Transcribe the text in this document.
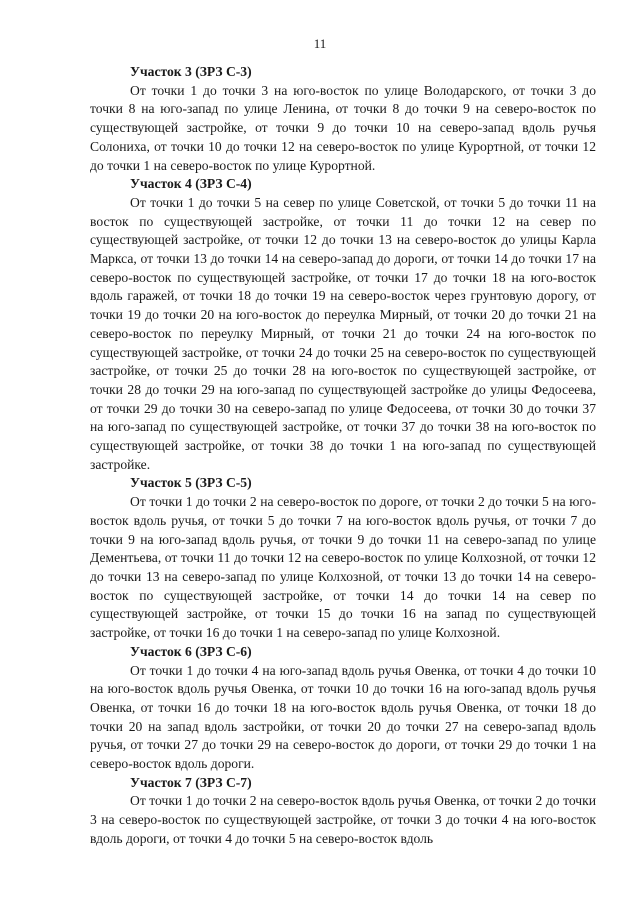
11

Участок 3 (ЗРЗ С-3)

От точки 1 до точки 3 на юго-восток по улице Володарского, от точки 3 до точки 8 на юго-запад по улице Ленина, от точки 8 до точки 9 на северо-восток по существующей застройке, от точки 9 до точки 10 на северо-запад вдоль ручья Солониха, от точки 10 до точки 12 на северо-восток по улице Курортной, от точки 12 до точки 1 на северо-восток по улице Курортной.

Участок 4 (ЗРЗ С-4)

От точки 1 до точки 5 на север по улице Советской, от точки 5 до точки 11 на восток по существующей застройке, от точки 11 до точки 12 на север по существующей застройке, от точки 12 до точки 13 на северо-восток до улицы Карла Маркса, от точки 13 до точки 14 на северо-запад до дороги, от точки 14 до точки 17 на северо-восток по существующей застройке, от точки 17 до точки 18 на юго-восток вдоль гаражей, от точки 18 до точки 19 на северо-восток через грунтовую дорогу, от точки 19 до точки 20 на юго-восток до переулка Мирный, от точки 20 до точки 21 на северо-восток по переулку Мирный, от точки 21 до точки 24 на юго-восток по существующей застройке, от точки 24 до точки 25 на северо-восток по существующей застройке, от точки 25 до точки 28 на юго-восток по существующей застройке, от точки 28 до точки 29 на юго-запад по существующей застройке до улицы Федосеева, от точки 29 до точки 30 на северо-запад по улице Федосеева, от точки 30 до точки 37 на юго-запад по существующей застройке, от точки 37 до точки 38 на юго-восток по существующей застройке, от точки 38 до точки 1 на юго-запад по существующей застройке.

Участок 5 (ЗРЗ С-5)

От точки 1 до точки 2 на северо-восток по дороге, от точки 2 до точки 5 на юго-восток вдоль ручья, от точки 5 до точки 7 на юго-восток вдоль ручья, от точки 7 до точки 9 на юго-запад вдоль ручья, от точки 9 до точки 11 на северо-запад по улице Дементьева, от точки 11 до точки 12 на северо-восток по улице Колхозной, от точки 12 до точки 13 на северо-запад по улице Колхозной, от точки 13 до точки 14 на северо-восток по существующей застройке, от точки 14 до точки 14 на север по существующей застройке, от точки 15 до точки 16 на запад по существующей застройке, от точки 16 до точки 1 на северо-запад по улице Колхозной.

Участок 6 (ЗРЗ С-6)

От точки 1 до точки 4 на юго-запад вдоль ручья Овенка, от точки 4 до точки 10 на юго-восток вдоль ручья Овенка, от точки 10 до точки 16 на юго-запад вдоль ручья Овенка, от точки 16 до точки 18 на юго-восток вдоль ручья Овенка, от точки 18 до точки 20 на запад вдоль застройки, от точки 20 до точки 27 на северо-запад вдоль ручья, от точки 27 до точки 29 на северо-восток до дороги, от точки 29 до точки 1 на северо-восток вдоль дороги.

Участок 7 (ЗРЗ С-7)

От точки 1 до точки 2 на северо-восток вдоль ручья Овенка, от точки 2 до точки 3 на северо-восток по существующей застройке, от точки 3 до точки 4 на юго-восток вдоль дороги, от точки 4 до точки 5 на северо-восток вдоль
